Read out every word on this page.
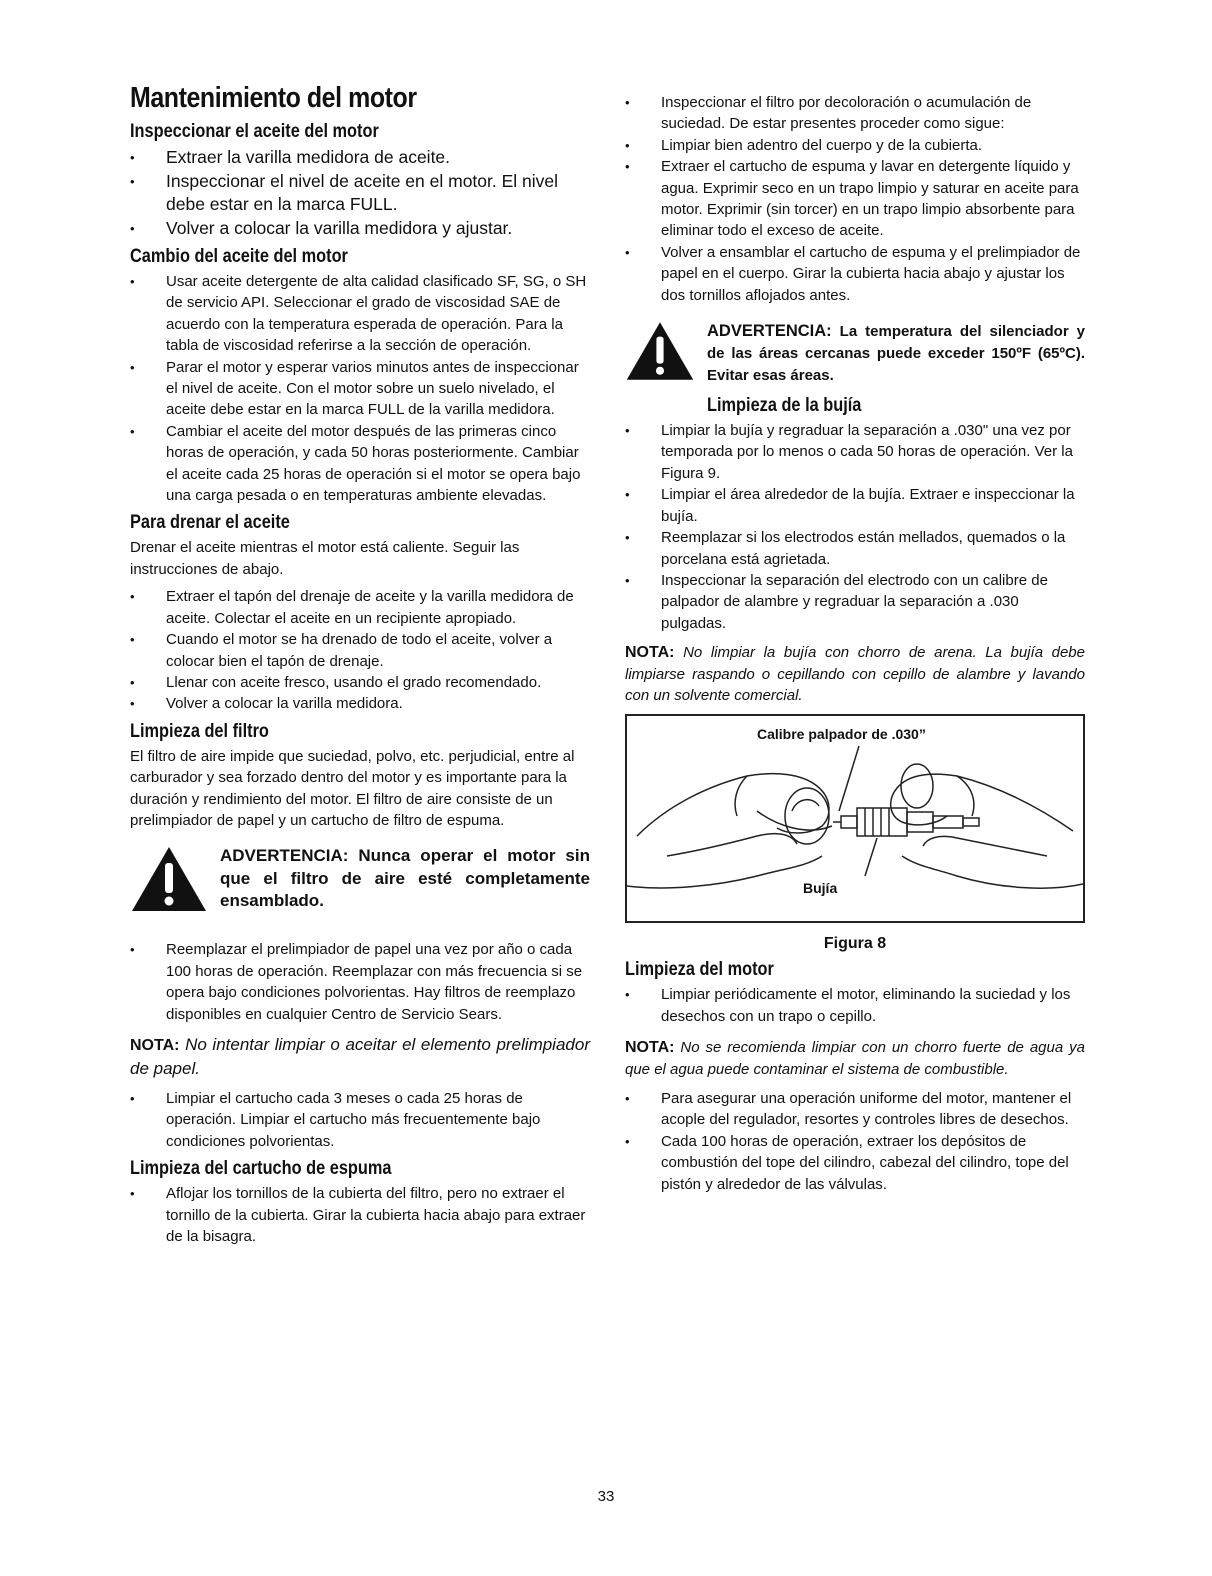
Mantenimiento del motor
Inspeccionar el aceite del motor
• Extraer la varilla medidora de aceite.
• Inspeccionar el nivel de aceite en el motor. El nivel debe estar en la marca FULL.
• Volver a colocar la varilla medidora y ajustar.
Cambio del aceite del motor
• Usar aceite detergente de alta calidad clasificado SF, SG, o SH de servicio API. Seleccionar el grado de viscosidad SAE de acuerdo con la temperatura esperada de operación. Para la tabla de viscosidad referirse a la sección de operación.
• Parar el motor y esperar varios minutos antes de inspeccionar el nivel de aceite. Con el motor sobre un suelo nivelado, el aceite debe estar en la marca FULL de la varilla medidora.
• Cambiar el aceite del motor después de las primeras cinco horas de operación, y cada 50 horas posteriormente. Cambiar el aceite cada 25 horas de operación si el motor se opera bajo una carga pesada o en temperaturas ambiente elevadas.
Para drenar el aceite

Drenar el aceite mientras el motor está caliente. Seguir las instrucciones de abajo.

• Extraer el tapón del drenaje de aceite y la varilla medidora de aceite. Colectar el aceite en un recipiente apropiado.
• Cuando el motor se ha drenado de todo el aceite, volver a colocar bien el tapón de drenaje.
• Llenar con aceite fresco, usando el grado recomendado.
• Volver a colocar la varilla medidora.
Limpieza del filtro

El filtro de aire impide que suciedad, polvo, etc. perjudicial, entre al carburador y sea forzado dentro del motor y es importante para la duración y rendimiento del motor. El filtro de aire consiste de un prelimpiador de papel y un cartucho de filtro de espuma.

ADVERTENCIA: Nunca operar el motor sin que el filtro de aire esté completamente ensamblado.
• Reemplazar el prelimpiador de papel una vez por año o cada 100 horas de operación. Reemplazar con más frecuencia si se opera bajo condiciones polvorientas. Hay filtros de reemplazo disponibles en cualquier Centro de Servicio Sears.

NOTA: No intentar limpiar o aceitar el elemento prelimpiador de papel.

• Limpiar el cartucho cada 3 meses o cada 25 horas de operación. Limpiar el cartucho más frecuentemente bajo condiciones polvorientas.
Limpieza del cartucho de espuma
• Aflojar los tornillos de la cubierta del filtro, pero no extraer el tornillo de la cubierta. Girar la cubierta hacia abajo para extraer de la bisagra.
• Inspeccionar el filtro por decoloración o acumulación de suciedad. De estar presentes proceder como sigue:
• Limpiar bien adentro del cuerpo y de la cubierta.
• Extraer el cartucho de espuma y lavar en detergente líquido y agua. Exprimir seco en un trapo limpio y saturar en aceite para motor. Exprimir (sin torcer) en un trapo limpio absorbente para eliminar todo el exceso de aceite.
• Volver a ensamblar el cartucho de espuma y el prelimpiador de papel en el cuerpo. Girar la cubierta hacia abajo y ajustar los dos tornillos aflojados antes.
ADVERTENCIA: La temperatura del silenciador y de las áreas cercanas puede exceder 150ºF (65ºC). Evitar esas áreas.
Limpieza de la bujía
• Limpiar la bujía y regraduar la separación a .030" una vez por temporada por lo menos o cada 50 horas de operación. Ver la Figura 9.
• Limpiar el área alrededor de la bujía. Extraer e inspeccionar la bujía.
• Reemplazar si los electrodos están mellados, quemados o la porcelana está agrietada.
• Inspeccionar la separación del electrodo con un calibre de palpador de alambre y regraduar la separación a .030 pulgadas.

NOTA: No limpiar la bujía con chorro de arena. La bujía debe limpiarse raspando o cepillando con cepillo de alambre y lavando con un solvente comercial.

Calibre palpador de .030”
Bujía
Figura 8
Limpieza del motor
• Limpiar periódicamente el motor, eliminando la suciedad y los desechos con un trapo o cepillo.

NOTA: No se recomienda limpiar con un chorro fuerte de agua ya que el agua puede contaminar el sistema de combustible.

• Para asegurar una operación uniforme del motor, mantener el acople del regulador, resortes y controles libres de desechos.
• Cada 100 horas de operación, extraer los depósitos de combustión del tope del cilindro, cabezal del cilindro, tope del pistón y alrededor de las válvulas.
33
